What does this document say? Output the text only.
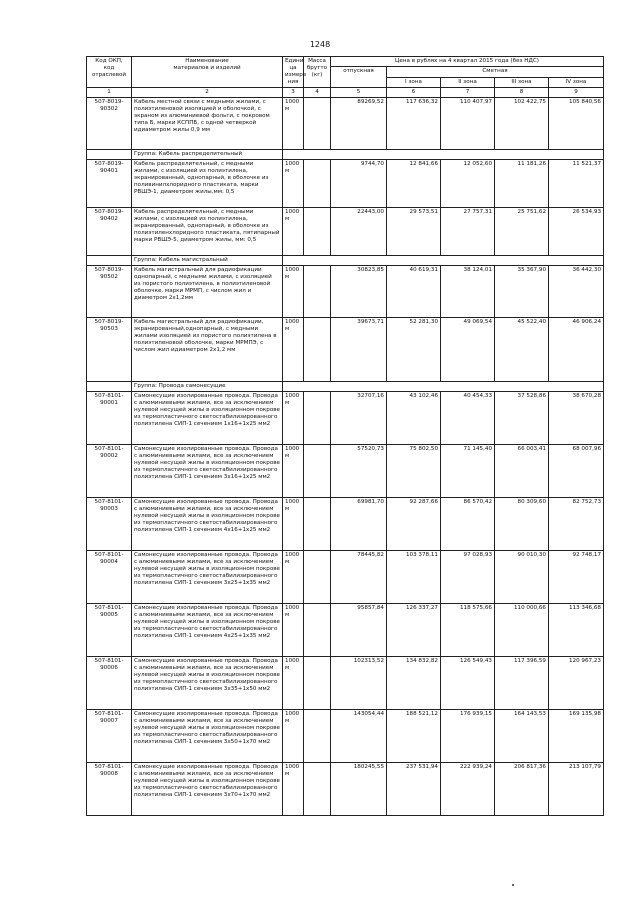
1248
Код ОКП,
код
отраслевой	Наименование
материалов и изделий	Едини
ца
измере
ния	Масса
брутто
(кг)	Цена в рублях на 4 квартал 2015 года (без НДС)				
				отпускная	Сметная			
					I зона	II зона	III зона	IV зона
1	2	3	4	5	6	7	8	9
507-8019-
90302	Кабель местной связи с медными жилами, с полиэтиленовой изоляцией и оболочкой, с экраном из алюминиевой фольги, с покровом типа Б, марки КСППБ, с одной четверкой идиаметром жилы 0,9 мм	1000 м		89269,52	117 636,32	110 407,97	102 422,75	105 840,56
	Группа: Кабель распределительный							
507-8019-
90401	Кабель распределительный, с медными жилами, с изоляцией из полиэтилена, экранированный, однопарный, в оболочке из поливинилхлоридного пластиката, марки РВШЭ-1, диаметром жилы,мм: 0,5	1000 м		9744,70	12 841,66	12 052,60	11 181,26	11 521,37
507-8019-
90402	Кабель распределительный, с медными жилами, с изоляцией из полиэтилена, экранированный, однопарный, в оболочке из полиэтиленхлоридного пластиката, пятипарный марки РВШЭ-5, диаметром жилы, мм: 0,5	1000 м		22443,00	29 573,51	27 757,31	25 751,62	26 534,93
	Группа: Кабель магистральный							
507-8019-
90502	Кабель магистральный для радиофикации однопарный, с медными жилами, с изоляцией из пористого полиэтилена, в полиэтиленовой оболочке, марки МРМП, с числом жил и диаметром 2х1,2мм	1000 м		30823,85	40 619,31	38 124,01	35 367,90	36 442,30
507-8019-
90503	Кабель магистральный для радиофикации, экранированный,однопарный, с медными жилами изоляцией из пористого полиэтилена в полиэтиленовой оболочке, марки МРМПЭ, с числом жил идиаметром 2х1,2 мм	1000 м		39673,71	52 281,30	49 069,54	45 522,40	46 906,24
	Группа: Провода самонесущие							
507-8101-
90001	Самонесущие изолированные провода. Провода с алюминиевыми жилами, все за исключением нулевой несущей жилы в изоляционном покрове из термопластичного светостабилизированного полиэтилена СИП-1 сечением 1х16+1х25 мм2	1000 м		32707,16	43 102,46	40 454,33	37 528,86	38 670,28
507-8101-
90002	Самонесущие изолированные провода. Провода с алюминиевыми жилами, все за исключением нулевой несущей жилы в изоляционном покрове из термопластичного светостабилизированного полиэтилена СИП-1 сечением 3х16+1х25 мм2	1000 м		57520,73	75 802,50	71 145,40	66 003,41	68 007,96
507-8101-
90003	Самонесущие изолированные провода. Провода с алюминиевыми жилами, все за исключением нулевой несущей жилы в изоляционном покрове из термопластичного светостабилизированного полиэтилена СИП-1 сечением 4х16+1х25 мм2	1000 м		69981,70	92 287,66	86 570,42	80 309,60	82 752,73
507-8101-
90004	Самонесущие изолированные провода. Провода с алюминиевыми жилами, все за исключением нулевой несущей жилы в изоляционном покрове из термопластичного светостабилизированного полиэтилена СИП-1 сечением 3х25+1х35 мм2	1000 м		78445,82	103 378,11	97 028,93	90 010,30	92 748,17
507-8101-
90005	Самонесущие изолированные провода. Провода с алюминиевыми жилами, все за исключением нулевой несущей жилы в изоляционном покрове из термопластичного светостабилизированного полиэтилена СИП-1 сечением 4х25+1х35 мм2	1000 м		95857,84	126 337,27	118 575,66	110 000,66	113 346,68
507-8101-
90006	Самонесущие изолированные провода. Провода с алюминиевыми жилами, все за исключением нулевой несущей жилы в изоляционном покрове из термопластичного светостабилизированного полиэтилена СИП-1 сечением 3х35+1х50 мм2	1000 м		102313,52	134 832,82	126 549,43	117 396,59	120 967,23
507-8101-
90007	Самонесущие изолированные провода. Провода с алюминиевыми жилами, все за исключением нулевой несущей жилы в изоляционном покрове из термопластичного светостабилизированного полиэтилена СИП-1 сечением 3х50+1х70 мм2	1000 м		143054,44	188 521,12	176 939,15	164 143,53	169 135,98
507-8101-
90008	Самонесущие изолированные провода. Провода с алюминиевыми жилами, все за исключением нулевой несущей жилы в изоляционном покрове из термопластичного светостабилизированного полиэтилена СИП-1 сечением 3х70+1х70 мм2	1000 м		180245,55	237 531,94	222 939,24	206 817,36	213 107,79
